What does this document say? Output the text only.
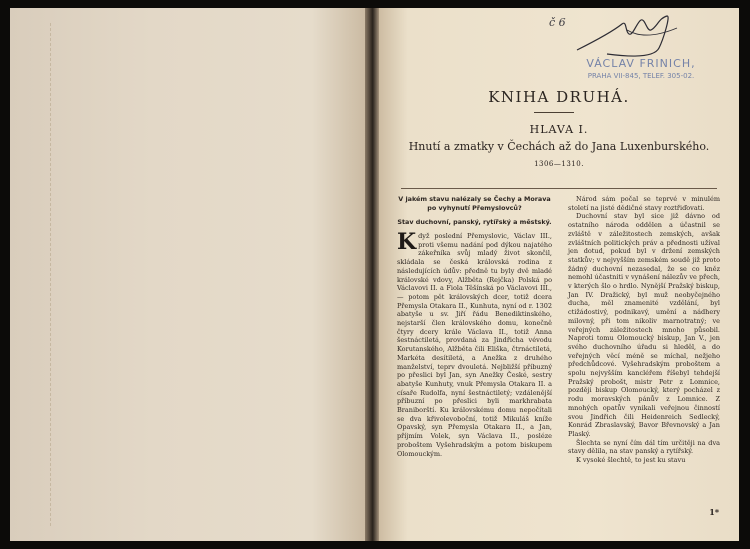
č 6
VÁCLAV FRINICH,
PRAHA VII-845, TELEF. 305-02.
KNIHA DRUHÁ.
HLAVA I.
Hnutí a zmatky v Čechách až do Jana Luxenburského.
1306—1310.

V jakém stavu nalézaly se Čechy a Morava po vyhynutí Přemyslovců?

Stav duchovní, panský, rytířský a městský.

Když poslední Přemyslovic, Václav III., proti všemu nadání pod dýkou najatého zákeřníka svůj mladý život skončil, skládala se česká královská rodina z následujících údův: předně tu byly dvě mladé královské vdovy, Alžběta (Rejčka) Polská po Václavovi II. a Fiola Těšínská po Václavovi III., — potom pět královských dcer, totiž dcera Přemysla Otakara II., Kunhuta, nyní od r. 1302 abatyše u sv. Jiří řádu Benediktinského, nejstarší člen královského domu, konečně čtyry dcery krále Václava II., totiž Anna šestnáctiletá, provdaná za Jindřicha vévodu Korutanského, Alžběta čili Eliška, čtrnáctiletá, Markéta desítiletá, a Anežka z druhého manželství, teprv dvouletá. Nejbližší příbuzný po přeslici byl Jan, syn Anežky České, sestry abatyše Kunhuty, vnuk Přemysla Otakara II. a císaře Rudolfa, nyní šestnáctiletý; vzdálenější příbuzní po přeslici byli markhrabata Braniborští. Ku královskému domu nepočítali se dva křivolevoboční, totiž Mikuláš kníže Opavský, syn Přemysla Otakara II., a Jan, příjmím Volek, syn Václava II., posléze proboštem Vyšehradským a potom biskupem Olomouckým.

Národ sám počal se teprvé v minulém století na jisté dědičné stavy roztřiďovati.

Duchovní stav byl sice již dávno od ostatního národa oddělen a účastnil se zvláště v záležitostech zemských, avšak zvláštních politických práv a přednosti užíval jen dotud, pokud byl v držení zemských statkův; v nejvyšším zemském soudě již proto žádný duchovní nezasedal, že se co kněz nemohl účastniti v vynášení nálezův ve přech, v kterých šlo o hrdlo. Nynější Pražský biskup, Jan IV. Dražický, byl muž neobyčejného ducha, měl znamenité vzdělání, byl ctižádostivý, podnikavý, umění a nádhery milovný, při tom nikoliv marnotratný; ve veřejných záležitostech mnoho působil. Naproti tomu Olomoucký biskup, Jan V., jen svého duchovního úřadu si hleděl, a do veřejných věcí méně se míchal, nežjeho předchůdcové. Vyšehradským proboštem a spolu nejvyšším kancléřem říšebyl tehdejší Pražský probošt, mistr Petr z Lomnice, později biskup Olomoucký, který pocházel z rodu moravských pánův z Lomnice. Z mnohých opatův vynikali veřejnou činností svou Jindřich čili Heidenreich Sedlecký, Konrád Zbraslavský, Bavor Břevnovský a Jan Plaský.

Šlechta se nyní čím dál tím určitěji na dva stavy dělila, na stav panský a rytířský.

K vysoké šlechtě, to jest ku stavu

1*
